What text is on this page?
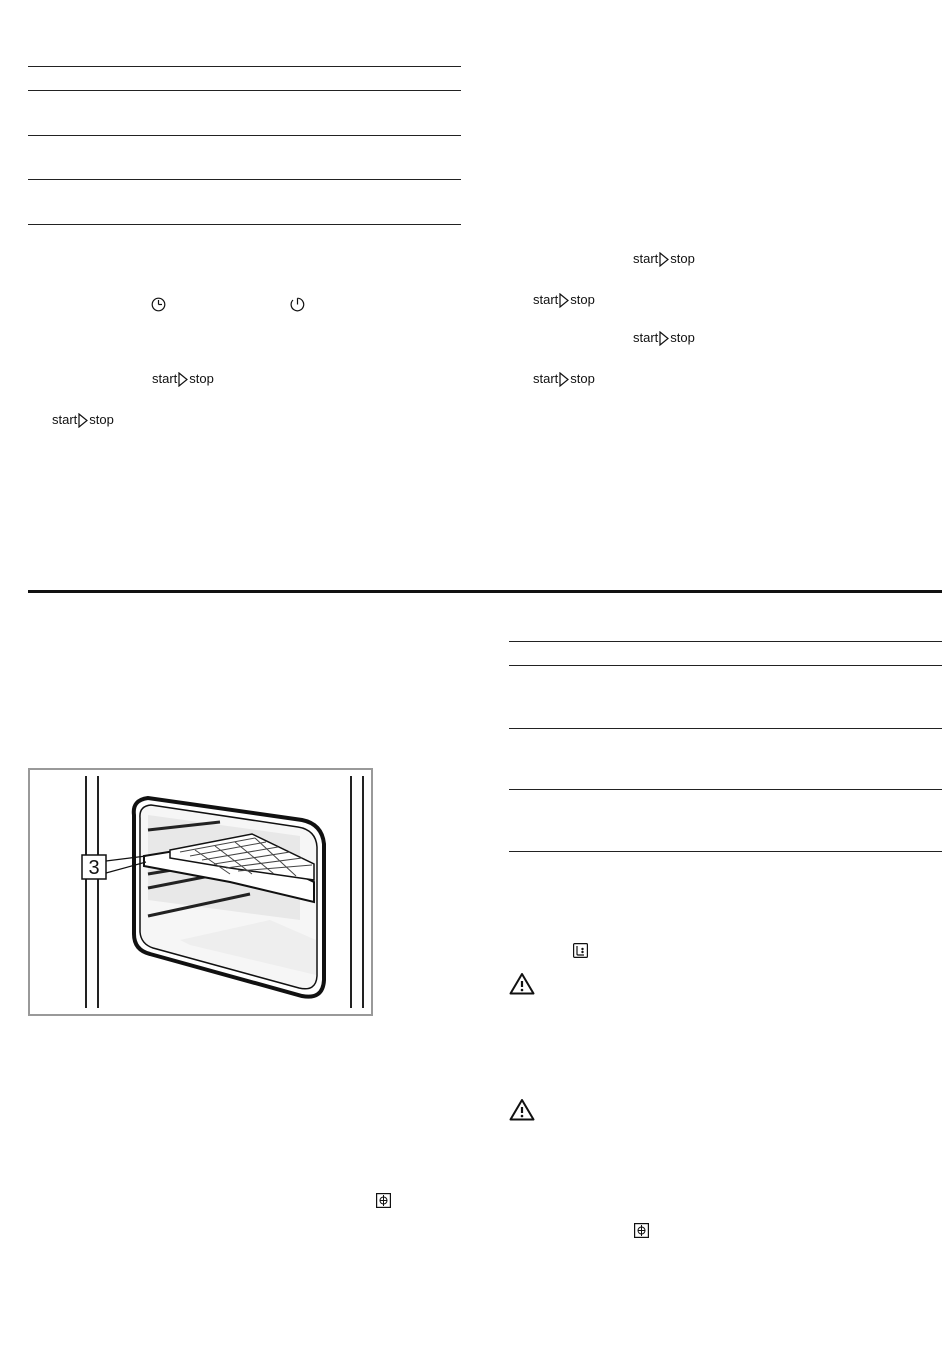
start stop
start stop
start stop
start stop
start stop
start stop
3
